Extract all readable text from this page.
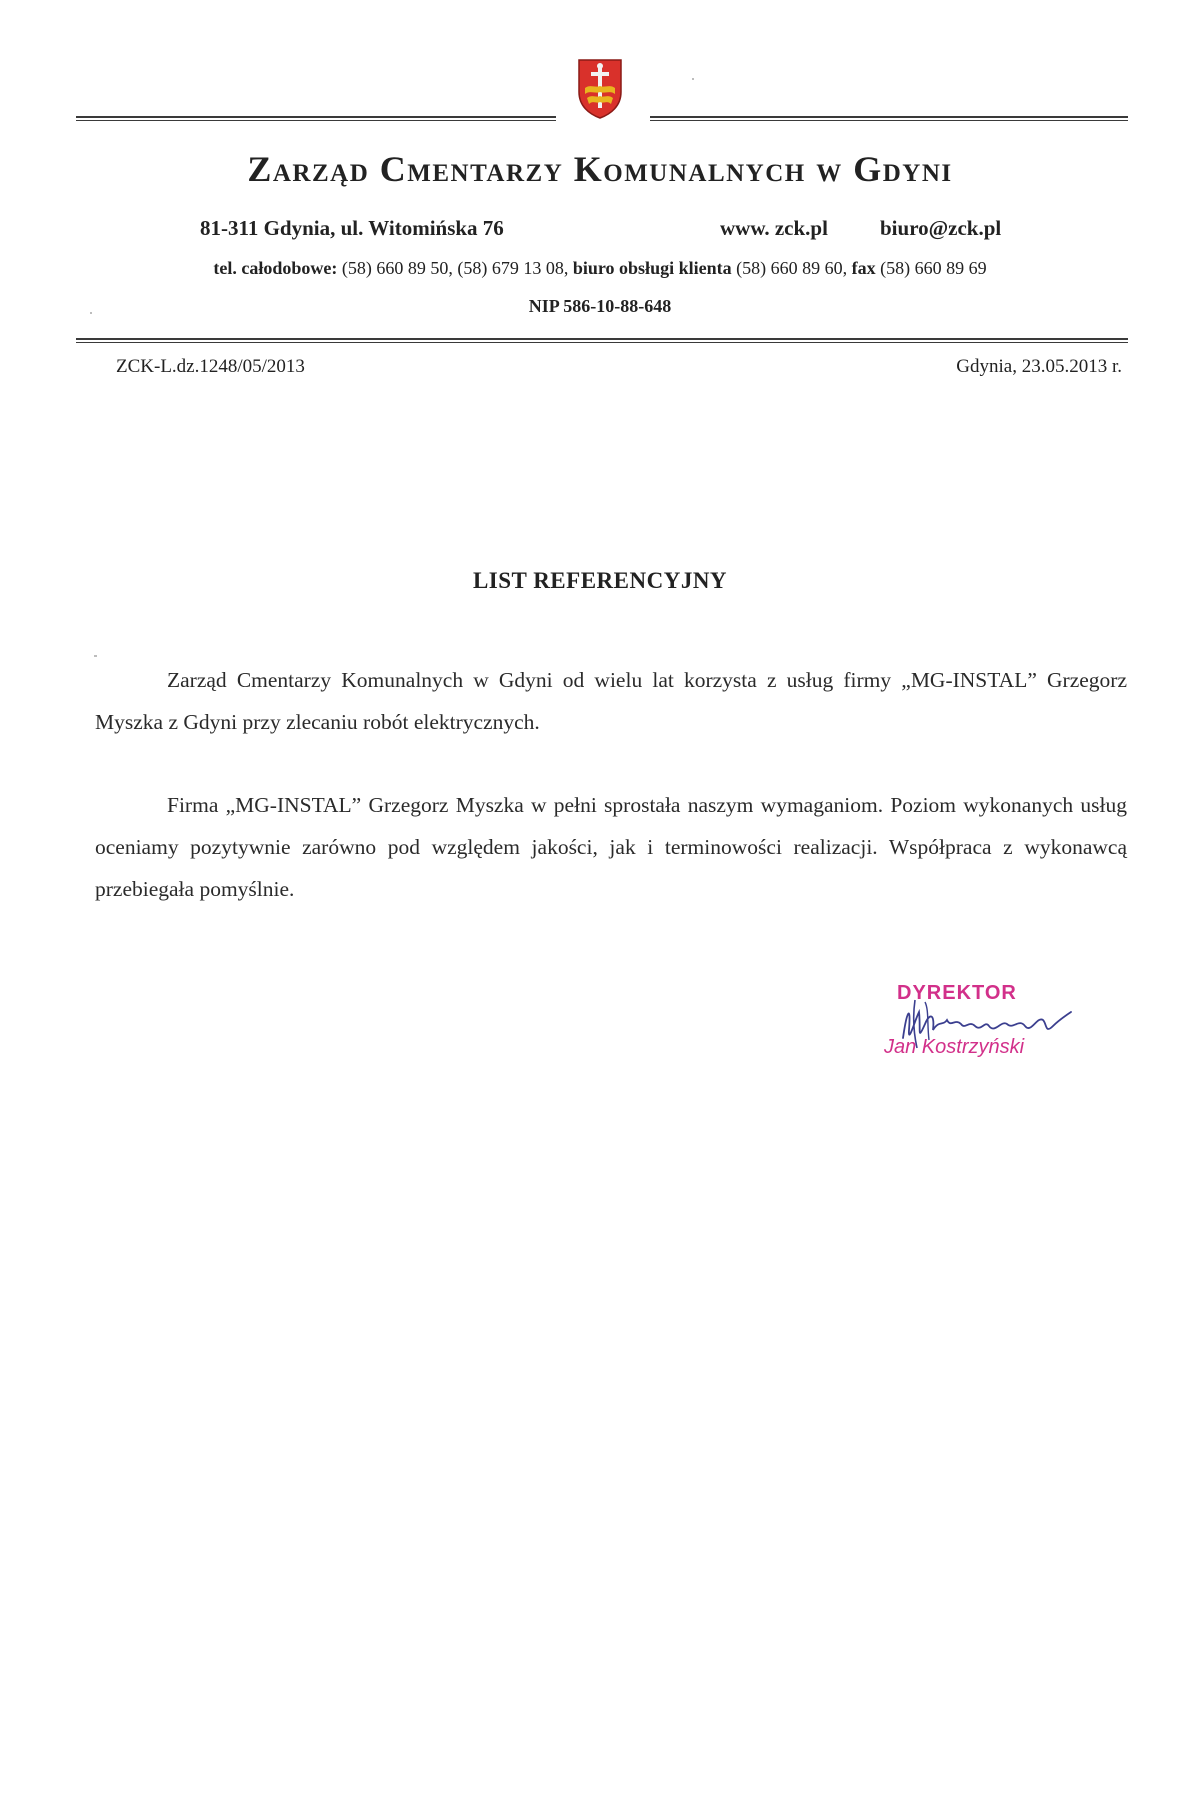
Zarząd Cmentarzy Komunalnych w Gdyni
81-311 Gdynia, ul. Witomińska 76	www. zck.pl biuro@zck.pl
tel. całodobowe: (58) 660 89 50, (58) 679 13 08, biuro obsługi klienta (58) 660 89 60, fax (58) 660 89 69
NIP 586-10-88-648
ZCK-L.dz.1248/05/2013	Gdynia, 23.05.2013 r.
LIST REFERENCYJNY
Zarząd Cmentarzy Komunalnych w Gdyni od wielu lat korzysta z usług firmy „MG-INSTAL” Grzegorz Myszka z Gdyni przy zlecaniu robót elektrycznych.
Firma „MG-INSTAL” Grzegorz Myszka w pełni sprostała naszym wymaganiom. Poziom wykonanych usług oceniamy pozytywnie zarówno pod względem jakości, jak i terminowości realizacji. Współpraca z wykonawcą przebiegała pomyślnie.
DYREKTOR
Jan Kostrzyński
